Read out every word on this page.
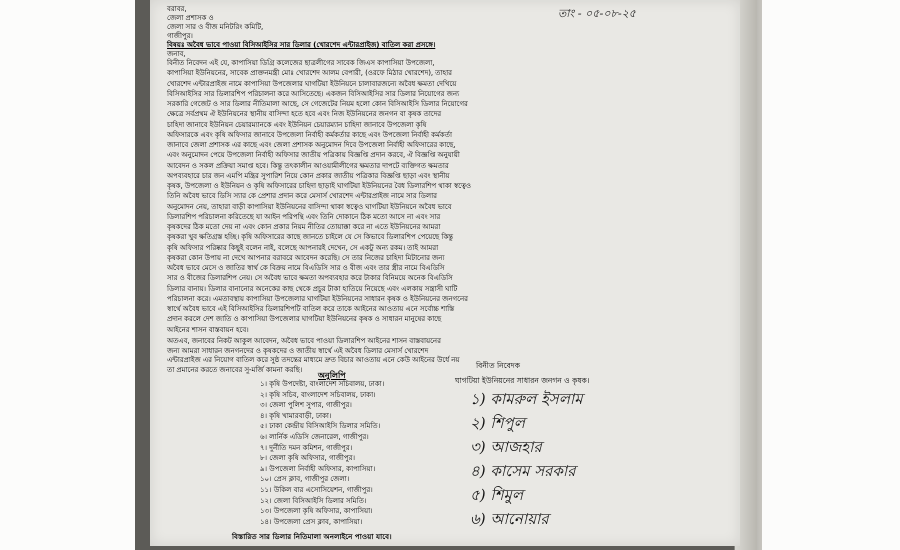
বরাবর,
জেলা প্রশাসক ও
জেলা সার ও বীজ মনিটরিং কমিটি,
গাজীপুর।
তাং - ০৫-০৮-২৫
বিষয়ঃ অবৈধ ভাবে পাওয়া বিসিআইসির সার ডিলার (খোরশেদ এন্টারপ্রাইজ) বাতিল করা প্রসঙ্গে।
জনাব,
বিনীত নিবেদন এই যে, কাপাসিয়া ডিগ্রি কলেজের ছাত্রলীগের সাবেক জিএস কাপাসিয়া উপজেলা,
কাপাসিয়া ইউনিয়নের, সাবেক প্রাক্তনমন্ত্রী মোঃ খোরশেদ আলম বেপারী, (ওরফে মিঠার খোরশেদ), তাহার
খোরশেদ এন্টারপ্রাইজ নামে কাপাসিয়া উপজেলার ঘাগটিয়া ইউনিয়নে চালাবারজন্যে অবৈধ ক্ষমতা দেখিয়ে
বিসিআইসির সার ডিলারশিপ পরিচালনা করে আসিতেছে। একজন বিসিআইসির সার ডিলার নিয়োগের জন্য
সরকারি গেজেট ও সার ডিলার নীতিমালা আছে, সে গেজেটের নিয়ম হলো কোন বিসিআইসি ডিলার নিয়োগের
ক্ষেত্রে সর্বপ্রথম ঐ ইউনিয়নের স্থানীয় বাসিন্দা হতে হবে এবং নিজ ইউনিয়নের জনগন বা কৃষক তাদের
চাহিদা জানাবে ইউনিয়ন চেয়ারম্যানকে এবং ইউনিয়ন চেয়ারম্যান চাহিদা জানাবে উপজেলা কৃষি
অফিসারকে এবং কৃষি অফিসার জানাবে উপজেলা নির্বাহী কর্মকর্তার কাছে এবং উপজেলা নির্বাহী কর্মকর্তা
জানাবে জেলা প্রশাসক এর কাছে এবং জেলা প্রশাসক অনুমোদন দিবে উপজেলা নির্বাহী অফিসারের কাছে,
এবং অনুমোদন পেয়ে উপজেলা নির্বাহী অফিসার জাতীয় পত্রিকায় বিজ্ঞপ্তি প্রদান করবে, ঐ বিজ্ঞপ্তি অনুযায়ী
আবেদন ও সকল প্রক্রিয়া সমাপ্ত হবে। কিন্তু তৎকালীন আওয়ামীলীগের ক্ষমতার দাপটে ব্যক্তিগত ক্ষমতার
অপব্যবহারে চার জন এমপি মন্ত্রির সুপারিশ নিয়ে কোন প্রকার জাতীয় পত্রিকার বিজ্ঞপ্তি ছাড়া এবং স্থানীয়
কৃষক, উপজেলা ও ইউনিয়ন ও কৃষি অফিসারের চাহিদা ছাড়াই ঘাগটিয়া ইউনিয়নের বৈধ ডিলারশিপ থাকা স্বত্বেও
তিনি অবৈধ ভাবে ডিসি স্যার কে প্রেশার প্রদান করে মেসার্স খোরশেদ এন্টারপ্রাইজ নামে সার ডিলার
অনুমোদন নেয়, তাহারা বাড়ী কাপাসিয়া ইউনিয়নের বাসিন্দা থাকা স্বত্বেও ঘাগটিয়া ইউনিয়নে অবৈধ ভাবে
ডিলারশিপ পরিচালনা করিতেছে যা আইন পরিপন্থি এবং তিনি দোকানে ঠিক মতো আসে না এবং সার
কৃষকদের ঠিক মতো দেয় না এবং কোন প্রকার নিয়ম নীতির তোয়াক্কা করে না এতে ইউনিয়নের আমরা
কৃষকরা খুব ক্ষতিগ্রস্ত হচ্ছি। কৃষি অফিসারের কাছে জানতে চাইলে যে সে কিভাবে ডিলারশিপ পেয়েছে কিন্তু
কৃষি অফিসার পরিষ্কার কিছুই বলেন নাই, বলেছে আপনারই দেখেন, সে একটু অন্য রকম। তাই আমরা
কৃষকরা কোন উপায় না দেখে আপনার বরাবরে আবেদন করেছি। সে তার নিজের চাহিদা মিটানোর জন্য
অবৈধ ভাবে মেসে ও জাতির স্বার্থ কে বিক্রয় নামে বিএডিসি সার ও বীজ এবং তার স্ত্রীর নামে বিএডিসি
সার ও বীজের ডিলারশিপ নেয়। সে অবৈধ ভাবে ক্ষমতা অপব্যবহার করে টাকার বিনিময়ে অনেক বিএডিসি
ডিলার বানায়। ডিলার বানানোর অনেকের কাছ থেকে প্রচুর টাকা হাতিয়ে নিয়েছে এবং এলকায় সন্ত্রাসী ঘাটি
পরিচালনা করে। এমতাবস্থায় কাপাসিয়া উপজেলার ঘাগটিয়া ইউনিয়নের সাধারন কৃষক ও ইউনিয়নের জনগনের
স্বার্থে অবৈধ ভাবে এই বিসিআইসির ডিলারশিপটি বাতিল করে তাকে আইনের আওতায় এনে সর্বোচ্চ শাস্তি
প্রদান করলে দেশ জাতি ও কাপাসিয়া উপজেলার ঘাগটিয়া ইউনিয়নের কৃষক ও সাধারন মানুষের কাছে
আইনের শাসন বাস্তবায়ন হবে।
অতএব, জনাবের নিকট আকুল আবেদন, অবৈধ ভাবে পাওয়া ডিলারশিপ আইনের শাসন বাস্তবায়নের
জন্য আমরা সাধারন জনগনদের ও কৃষকদের ও জাতীয় স্বার্থে এই অবৈধ ডিলার মেসার্স খোরশেদ
এন্টারপ্রাইজ এর নিয়োগ বাতিল করে সুষ্ঠ তদন্তের মাধ্যমে দ্রুত বিচার আওতায় এনে কেউ আইনের উর্ধে নয়
তা প্রমানের করতে জনাবের সু-মর্জি কামনা করছি।
অনুলিপি
১। কৃষি উপদেষ্টা, বাংলাদেশ সচিবালয়, ঢাকা।
২। কৃষি সচিব, বাংলাদেশ সচিবালয়, ঢাকা।
৩। জেলা পুলিশ সুপার, গাজীপুর।
৪। কৃষি খামারবাড়ী, ঢাকা।
৫। ঢাকা কেন্দ্রীয় বিসিআইসি ডিলার সমিতি।
৬। লার্নিক এডিসি জেনারেল, গাজীপুর।
৭। দুর্নীতি দমন কমিশন, গাজীপুর।
৮। জেলা কৃষি অফিসার, গাজীপুর।
৯। উপজেলা নির্বাহী অফিসার, কাপাসিয়া।
১০। প্রেস ক্লাব, গাজীপুর জেলা।
১১। উকিল বার এসোসিয়েশন, গাজীপুর।
১২। জেলা বিসিআইসি ডিলার সমিতি।
১৩। উপজেলা কৃষি অফিসার, কাপাসিয়া।
১৪। উপজেলা প্রেস ক্লাব, কাপাসিয়া।
বিনীত নিবেদক
ঘাগটিয়া ইউনিয়নের সাধারন জনগন ও কৃষক।
১) কামরুল ইসলাম
২) শিপুল
৩) আজহার
৪) কাসেম সরকার
৫) শিমুল
৬) আনোয়ার
বিস্তারিত সার ডিলার নিতিমালা অনলাইনে পাওয়া যাবে।
